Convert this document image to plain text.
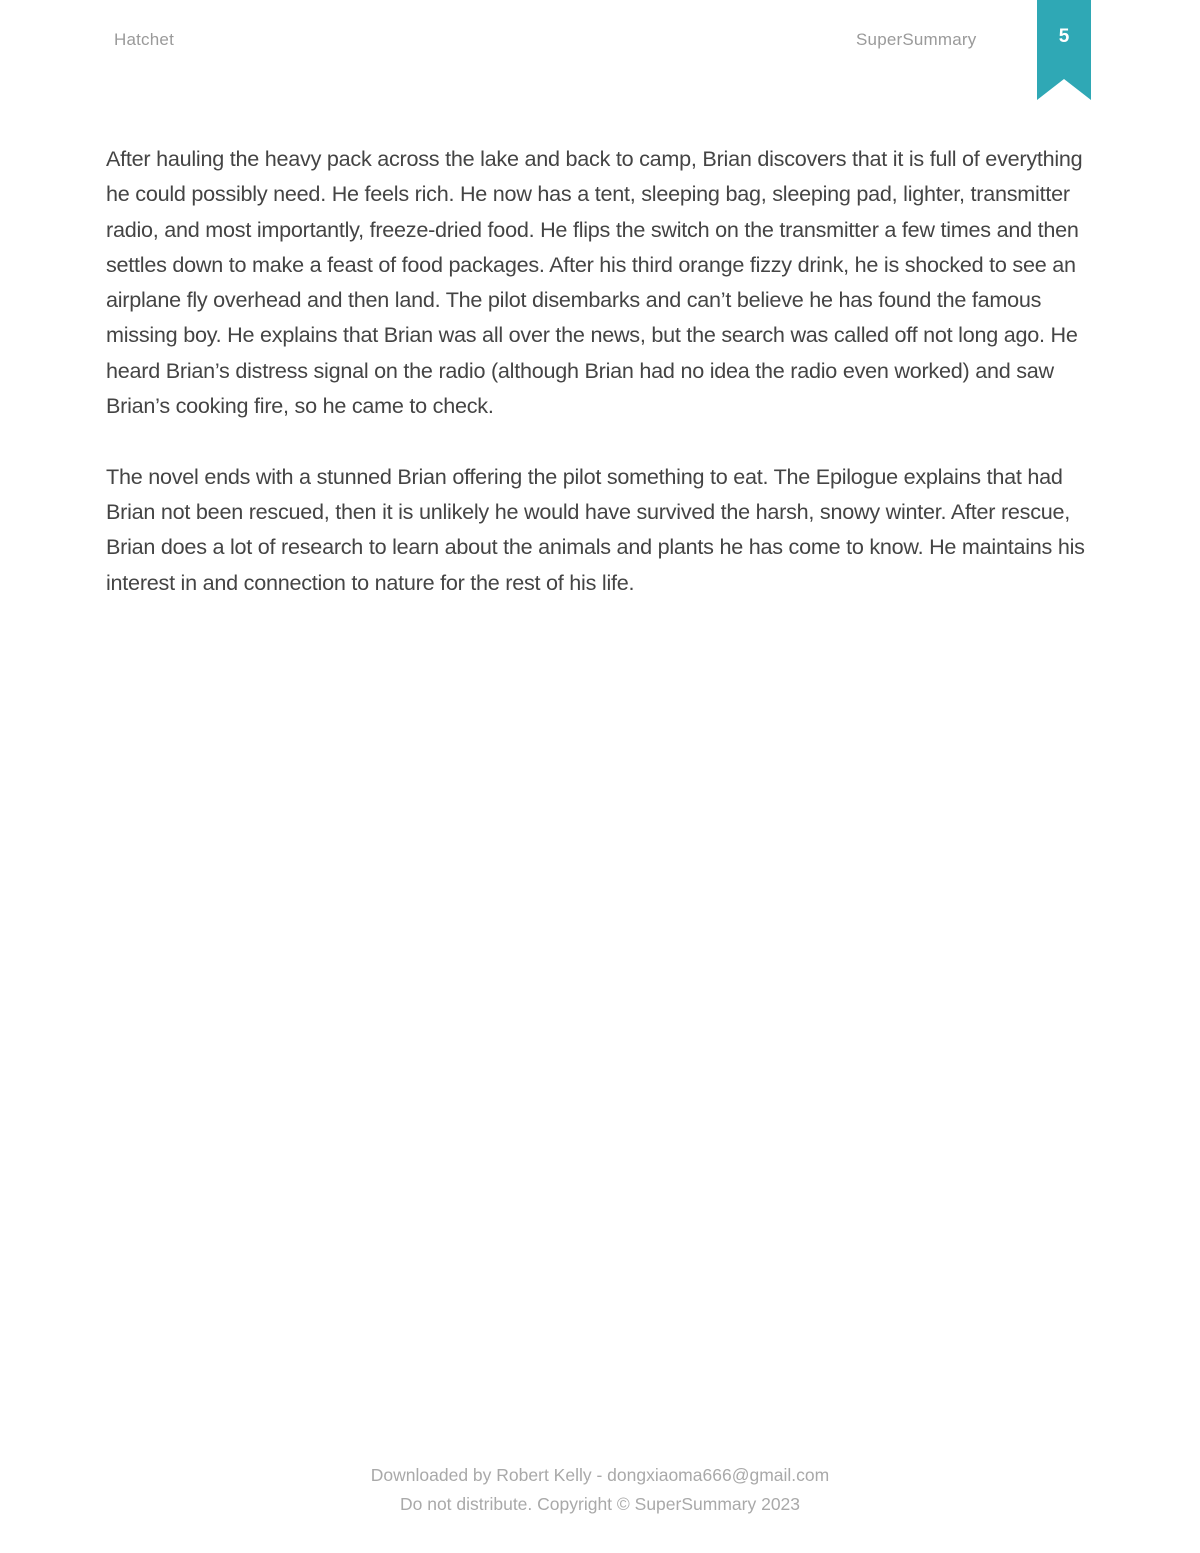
Hatchet	SuperSummary	5

After hauling the heavy pack across the lake and back to camp, Brian discovers that it is full of everything he could possibly need. He feels rich. He now has a tent, sleeping bag, sleeping pad, lighter, transmitter radio, and most importantly, freeze-dried food. He flips the switch on the transmitter a few times and then settles down to make a feast of food packages. After his third orange fizzy drink, he is shocked to see an airplane fly overhead and then land. The pilot disembarks and can’t believe he has found the famous missing boy. He explains that Brian was all over the news, but the search was called off not long ago. He heard Brian’s distress signal on the radio (although Brian had no idea the radio even worked) and saw Brian’s cooking fire, so he came to check.

The novel ends with a stunned Brian offering the pilot something to eat. The Epilogue explains that had Brian not been rescued, then it is unlikely he would have survived the harsh, snowy winter. After rescue, Brian does a lot of research to learn about the animals and plants he has come to know. He maintains his interest in and connection to nature for the rest of his life.

Downloaded by Robert Kelly - dongxiaoma666@gmail.com
Do not distribute. Copyright © SuperSummary 2023
